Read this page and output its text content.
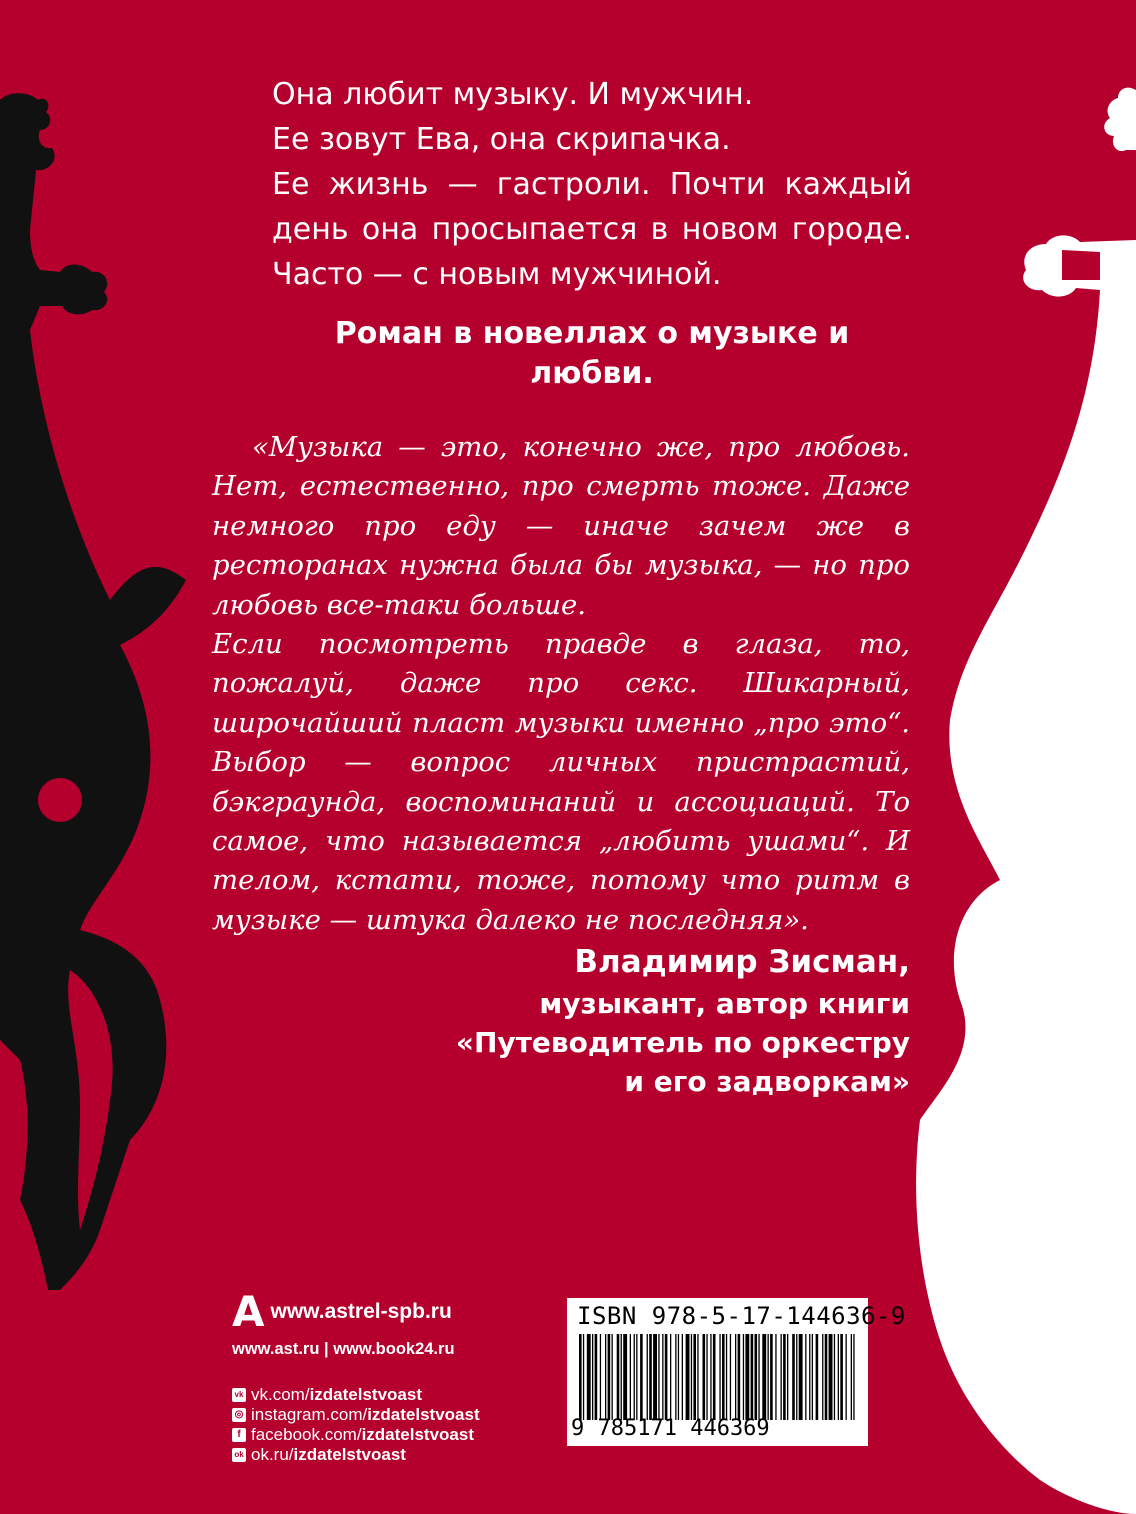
Она любит музыку. И мужчин.

Ее зовут Ева, она скрипачка.

Ее жизнь — гастроли. Почти каждый день она просыпается в новом городе. Часто — с новым мужчиной.

Роман в новеллах о музыке и любви.

«Музыка — это, конечно же, про любовь. Нет, естественно, про смерть тоже. Даже немного про еду — иначе зачем же в ресторанах нужна была бы музыка, — но про любовь все-таки больше.

Если посмотреть правде в глаза, то, пожалуй, даже про секс. Шикарный, широчайший пласт музыки именно „про это“. Выбор — вопрос личных пристрастий, бэкграунда, воспоминаний и ассоциаций. То самое, что называется „любить ушами“. И телом, кстати, тоже, потому что ритм в музыке — штука далеко не последняя».

Владимир Зисман,
музыкант, автор книги
«Путеводитель по оркестру
и его задворкам»
A www.astrel-spb.ru
www.ast.ru | www.book24.ru
vk vk.com/ izdatelstvoast
◎ instagram.com/ izdatelstvoast
f facebook.com/ izdatelstvoast
ok ok.ru/ izdatelstvoast
ISBN 978-5-17-144636-9
9 785171 446369
